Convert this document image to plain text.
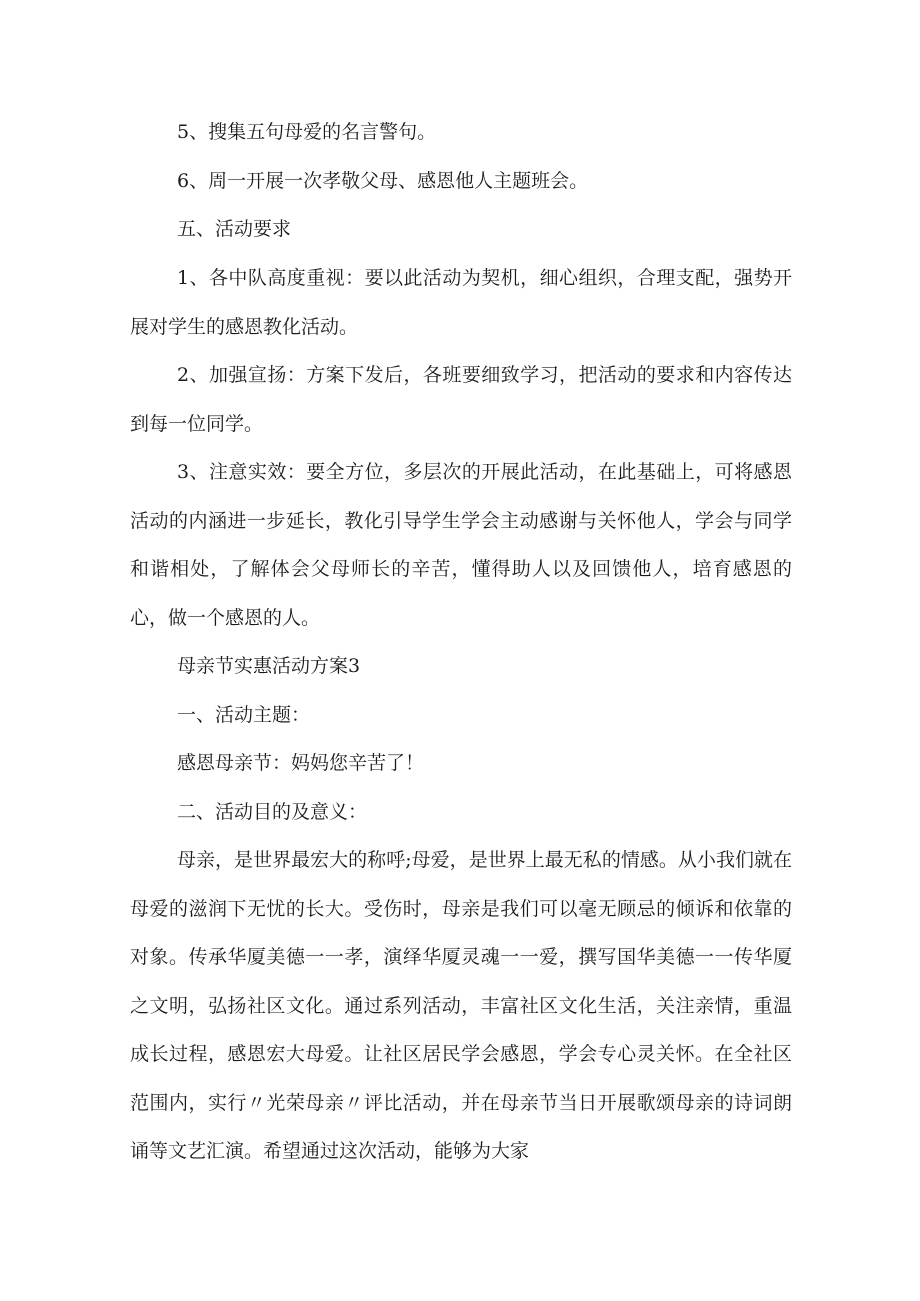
5、搜集五句母爱的名言警句。

6、周一开展一次孝敬父母、感恩他人主题班会。

五、活动要求

1、各中队高度重视：要以此活动为契机，细心组织，合理支配，强势开展对学生的感恩教化活动。

2、加强宣扬：方案下发后，各班要细致学习，把活动的要求和内容传达到每一位同学。

3、注意实效：要全方位，多层次的开展此活动，在此基础上，可将感恩活动的内涵进一步延长，教化引导学生学会主动感谢与关怀他人，学会与同学和谐相处，了解体会父母师长的辛苦，懂得助人以及回馈他人，培育感恩的心，做一个感恩的人。

母亲节实惠活动方案3

一、活动主题：

感恩母亲节：妈妈您辛苦了！

二、活动目的及意义：

母亲，是世界最宏大的称呼;母爱，是世界上最无私的情感。从小我们就在母爱的滋润下无忧的长大。受伤时，母亲是我们可以毫无顾忌的倾诉和依靠的对象。传承华厦美德一一孝，演绎华厦灵魂一一爱，撰写国华美德一一传华厦之文明，弘扬社区文化。通过系列活动，丰富社区文化生活，关注亲情，重温成长过程，感恩宏大母爱。让社区居民学会感恩，学会专心灵关怀。在全社区范围内，实行〃光荣母亲〃评比活动，并在母亲节当日开展歌颂母亲的诗词朗诵等文艺汇演。希望通过这次活动，能够为大家
